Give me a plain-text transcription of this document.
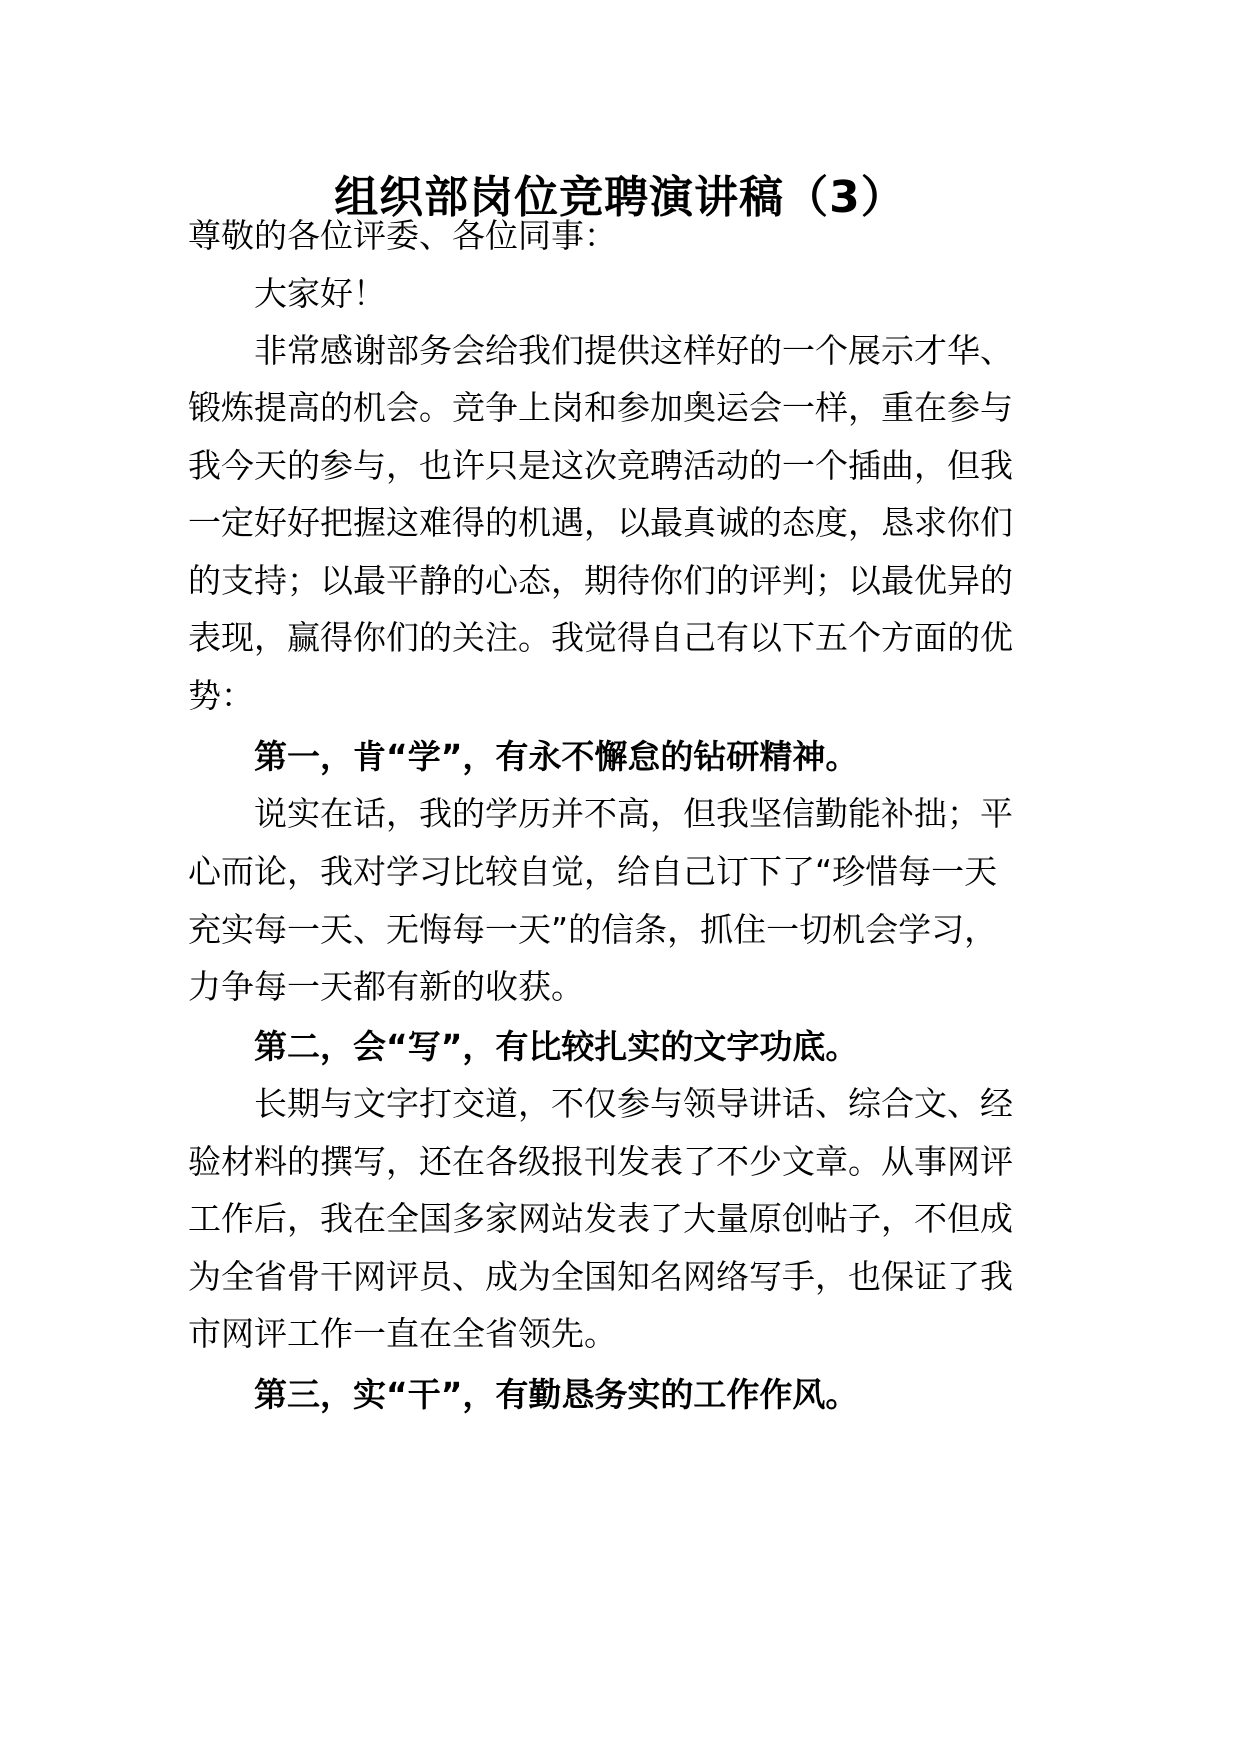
组织部岗位竞聘演讲稿（3）
尊敬的各位评委、各位同事：
大家好！
非常感谢部务会给我们提供这样好的一个展示才华、
锻炼提高的机会。竞争上岗和参加奥运会一样，重在参与
我今天的参与，也许只是这次竞聘活动的一个插曲，但我
一定好好把握这难得的机遇，以最真诚的态度，恳求你们
的支持；以最平静的心态，期待你们的评判；以最优异的
表现，赢得你们的关注。我觉得自己有以下五个方面的优
势：
第一，肯“学”，有永不懈怠的钻研精神。
说实在话，我的学历并不高，但我坚信勤能补拙；平
心而论，我对学习比较自觉，给自己订下了“珍惜每一天
充实每一天、无悔每一天”的信条，抓住一切机会学习，
力争每一天都有新的收获。
第二，会“写”，有比较扎实的文字功底。
长期与文字打交道，不仅参与领导讲话、综合文、经
验材料的撰写，还在各级报刊发表了不少文章。从事网评
工作后，我在全国多家网站发表了大量原创帖子，不但成
为全省骨干网评员、成为全国知名网络写手，也保证了我
市网评工作一直在全省领先。
第三，实“干”，有勤恳务实的工作作风。
